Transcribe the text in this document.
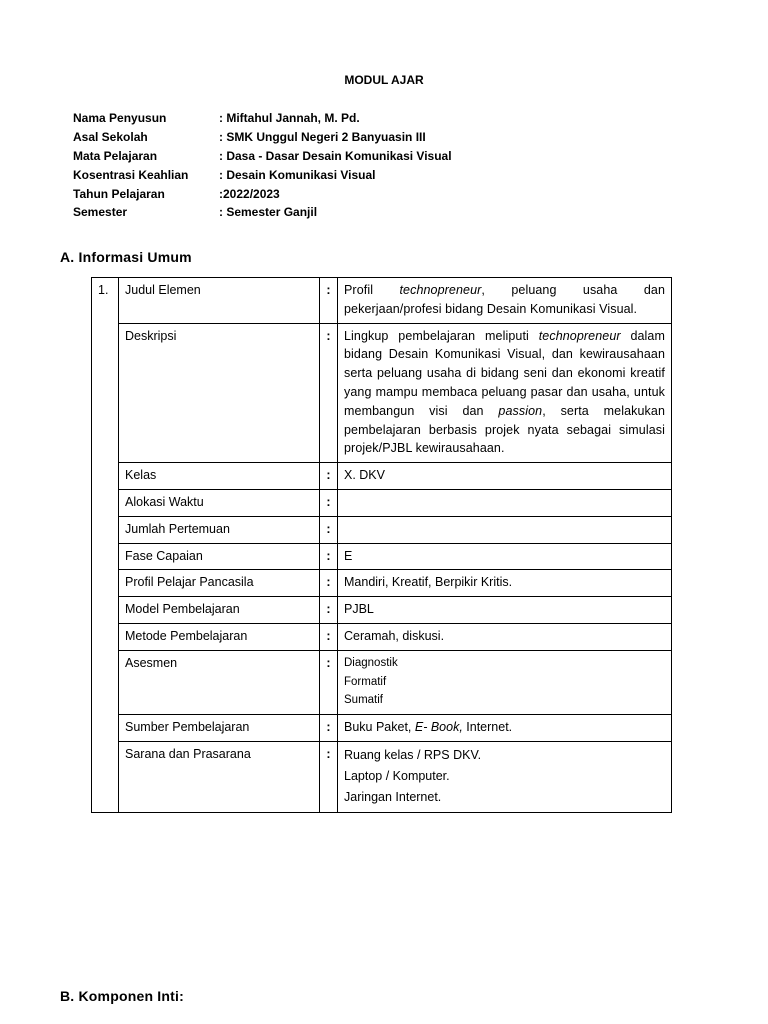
MODUL AJAR
Nama Penyusun	: Miftahul Jannah, M. Pd.
Asal Sekolah	: SMK Unggul Negeri 2 Banyuasin III
Mata Pelajaran	: Dasa - Dasar Desain Komunikasi Visual
Kosentrasi Keahlian	: Desain Komunikasi Visual
Tahun Pelajaran	:2022/2023
Semester	: Semester Ganjil
A. Informasi Umum
1.	Judul Elemen	:	Profil technopreneur, peluang usaha dan pekerjaan/profesi bidang Desain Komunikasi Visual.
	Deskripsi	:	Lingkup pembelajaran meliputi technopreneur dalam bidang Desain Komunikasi Visual, dan kewirausahaan serta peluang usaha di bidang seni dan ekonomi kreatif yang mampu membaca peluang pasar dan usaha, untuk membangun visi dan passion, serta melakukan pembelajaran berbasis projek nyata sebagai simulasi projek/PJBL kewirausahaan.
	Kelas	:	X. DKV
	Alokasi Waktu	:	
	Jumlah Pertemuan	:	
	Fase Capaian	:	E
	Profil Pelajar Pancasila	:	Mandiri, Kreatif, Berpikir Kritis.
	Model Pembelajaran	:	PJBL
	Metode Pembelajaran	:	Ceramah, diskusi.
	Asesmen	:	Diagnostik
Formatif
Sumatif

	Sumber Pembelajaran	:	Buku Paket, E- Book, Internet.
	Sarana dan Prasarana	:	Ruang kelas / RPS DKV.
Laptop / Komputer.
Jaringan Internet.
B. Komponen Inti:
